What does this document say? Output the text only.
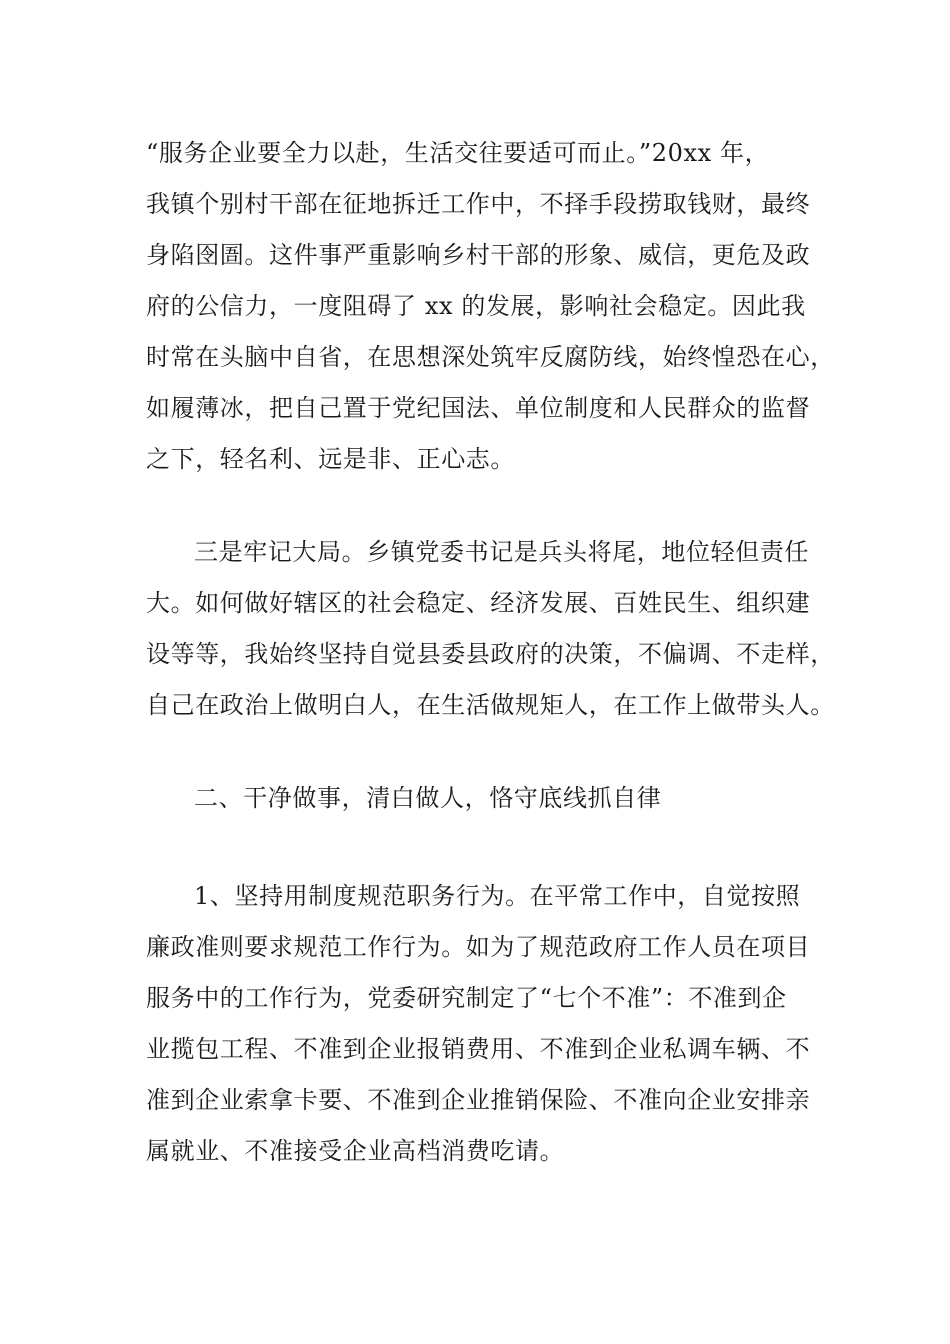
“服务企业要全力以赴，生活交往要适可而止。”20xx 年，
我镇个别村干部在征地拆迁工作中，不择手段捞取钱财，最终
身陷囹圄。这件事严重影响乡村干部的形象、威信，更危及政
府的公信力，一度阻碍了 xx 的发展，影响社会稳定。因此我
时常在头脑中自省，在思想深处筑牢反腐防线，始终惶恐在心，
如履薄冰，把自己置于党纪国法、单位制度和人民群众的监督
之下，轻名利、远是非、正心志。
三是牢记大局。乡镇党委书记是兵头将尾，地位轻但责任
大。如何做好辖区的社会稳定、经济发展、百姓民生、组织建
设等等，我始终坚持自觉县委县政府的决策，不偏调、不走样，
自己在政治上做明白人，在生活做规矩人，在工作上做带头人。
二、干净做事，清白做人，恪守底线抓自律
1、坚持用制度规范职务行为。在平常工作中，自觉按照
廉政准则要求规范工作行为。如为了规范政府工作人员在项目
服务中的工作行为，党委研究制定了“七个不准”：不准到企
业揽包工程、不准到企业报销费用、不准到企业私调车辆、不
准到企业索拿卡要、不准到企业推销保险、不准向企业安排亲
属就业、不准接受企业高档消费吃请。
